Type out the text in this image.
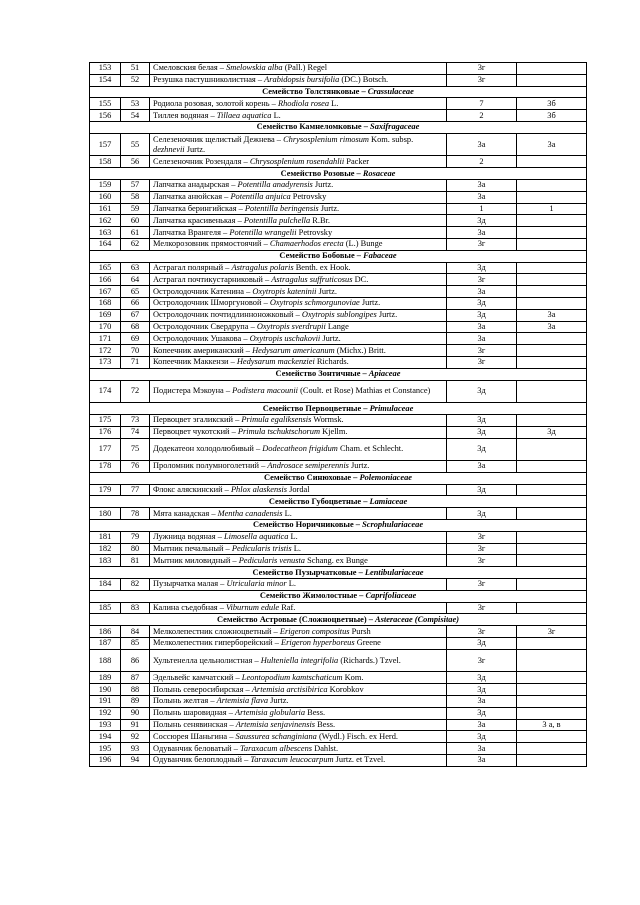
153	51	Смеловския белая – Smelowskia alba (Pall.) Regel	3г	
154	52	Резушка пастушниколистная – Arabidopsis bursifolia (DC.) Botsch.	3г	
Семейство Толстянковые – Crassulaceae				
155	53	Родиола розовая, золотой корень – Rhodiola rosea L.	7	3б
156	54	Тиллея водяная – Tillaea aquatica L.	2	3б
Семейство Камнеломковые – Saxifragaceae				
157	55	Селезеночник щелистый Дежнева – Chrysosplenium rimosum Kom. subsp. dezhnevii Jurtz.	3а	3а
158	56	Селезеночник Розендаля – Chrysosplenium rosendahlii Packer	2	
Семейство Розовые – Rosaceae				
159	57	Лапчатка анадырская – Potentilla anadyrensis Jurtz.	3а	
160	58	Лапчатка анюйская – Potentilla anjuica Petrovsky	3а	
161	59	Лапчатка берингийская – Potentilla beringensis Jurtz.	1	1
162	60	Лапчатка красивенькая – Potentilla pulchella R.Br.	3д	
163	61	Лапчатка Врангеля – Potentilla wrangelii Petrovsky	3а	
164	62	Мелкорозовник прямостоячий – Chamaerhodos erecta (L.) Bunge	3г	
Семейство Бобовые – Fabaceae				
165	63	Астрагал полярный – Astragalus polaris Benth. ex Hook.	3д	
166	64	Астрагал почтикустарниковый – Astragalus suffruticosus DC.	3г	
167	65	Остролодочник Катенина – Oxytropis kateninii Jurtz.	3а	
168	66	Остролодочник Шморгуновой – Oxytropis schmorgunoviae Jurtz.	3д	
169	67	Остролодочник почтидлинноножковый – Oxytropis sublongipes Jurtz.	3д	3а
170	68	Остролодочник Свердрупа – Oxytropis sverdrupii Lange	3а	3а
171	69	Остролодочник Ушакова – Oxytropis uschakovii Jurtz.	3а	
172	70	Копеечник американский – Hedysarum americanum (Michx.) Britt.	3г	
173	71	Копеечник Маккензи – Hedysarum mackenziei Richards.	3г	
Семейство Зонтичные – Apiaceae				
174	72	Подистера Мэкоуна – Podistera macounii (Coult. et Rose) Mathias et Constance)	3д	
Семейство Первоцветные – Primulaceae				
175	73	Первоцвет эгаликский – Primula egaliksensis Wormsk.	3д	
176	74	Первоцвет чукотский – Primula tschuktschorum Kjellm.	3д	3д
177	75	Додекатеон холодолюбивый – Dodecatheon frigidum Cham. et Schlecht.	3д	
178	76	Проломник полумноголетний – Androsace semiperennis Jurtz.	3а	
Семейство Синюховые – Polemoniaceae				
179	77	Флокс аляскинский – Phlox alaskensis Jordal	3д	
Семейство Губоцветные – Lamiaceae				
180	78	Мята канадская – Mentha canadensis L.	3д	
Семейство Норичниковые – Scrophulariaceae				
181	79	Лужница водяная – Limosella aquatica L.	3г	
182	80	Мытник печальный – Pedicularis tristis L.	3г	
183	81	Мытник миловидный – Pedicularis venusta Schang. ex Bunge	3г	
Семейство Пузырчатковые – Lentibulariaceae				
184	82	Пузырчатка малая – Utricularia minor L.	3г	
Семейство Жимолостные – Caprifoliaceae				
185	83	Калина съедобная – Viburnum edule Raf.	3г	
Семейство Астровые (Сложноцветные) – Asteraceae (Compisitae)				
186	84	Мелколепестник сложноцветный – Erigeron compositus Pursh	3г	3г
187	85	Мелколепестник гиперборейский – Erigeron hyperboreus Greene	3д	
188	86	Хультенелла цельнолистная – Hulteniella integrifolia (Richards.) Tzvel.	3г	
189	87	Эдельвейс камчатский – Leontopodium kamtschaticum Kom.	3д	
190	88	Полынь северосибирская – Artemisia arctisibirica Korobkov	3д	
191	89	Полынь желтая – Artemisia flava Jurtz.	3а	
192	90	Полынь шаровидная – Artemisia globularia Bess.	3д	
193	91	Полынь сенявинская – Artemisia senjavinensis Bess.	3а	3 а, в
194	92	Соссюрея Шаньгина – Saussurea schanginiana (Wydl.) Fisch. ex Herd.	3д	
195	93	Одуванчик беловатый – Taraxacum albescens Dahlst.	3а	
196	94	Одуванчик белоплодный – Taraxacum leucocarpum Jurtz. et Tzvel.	3а	
